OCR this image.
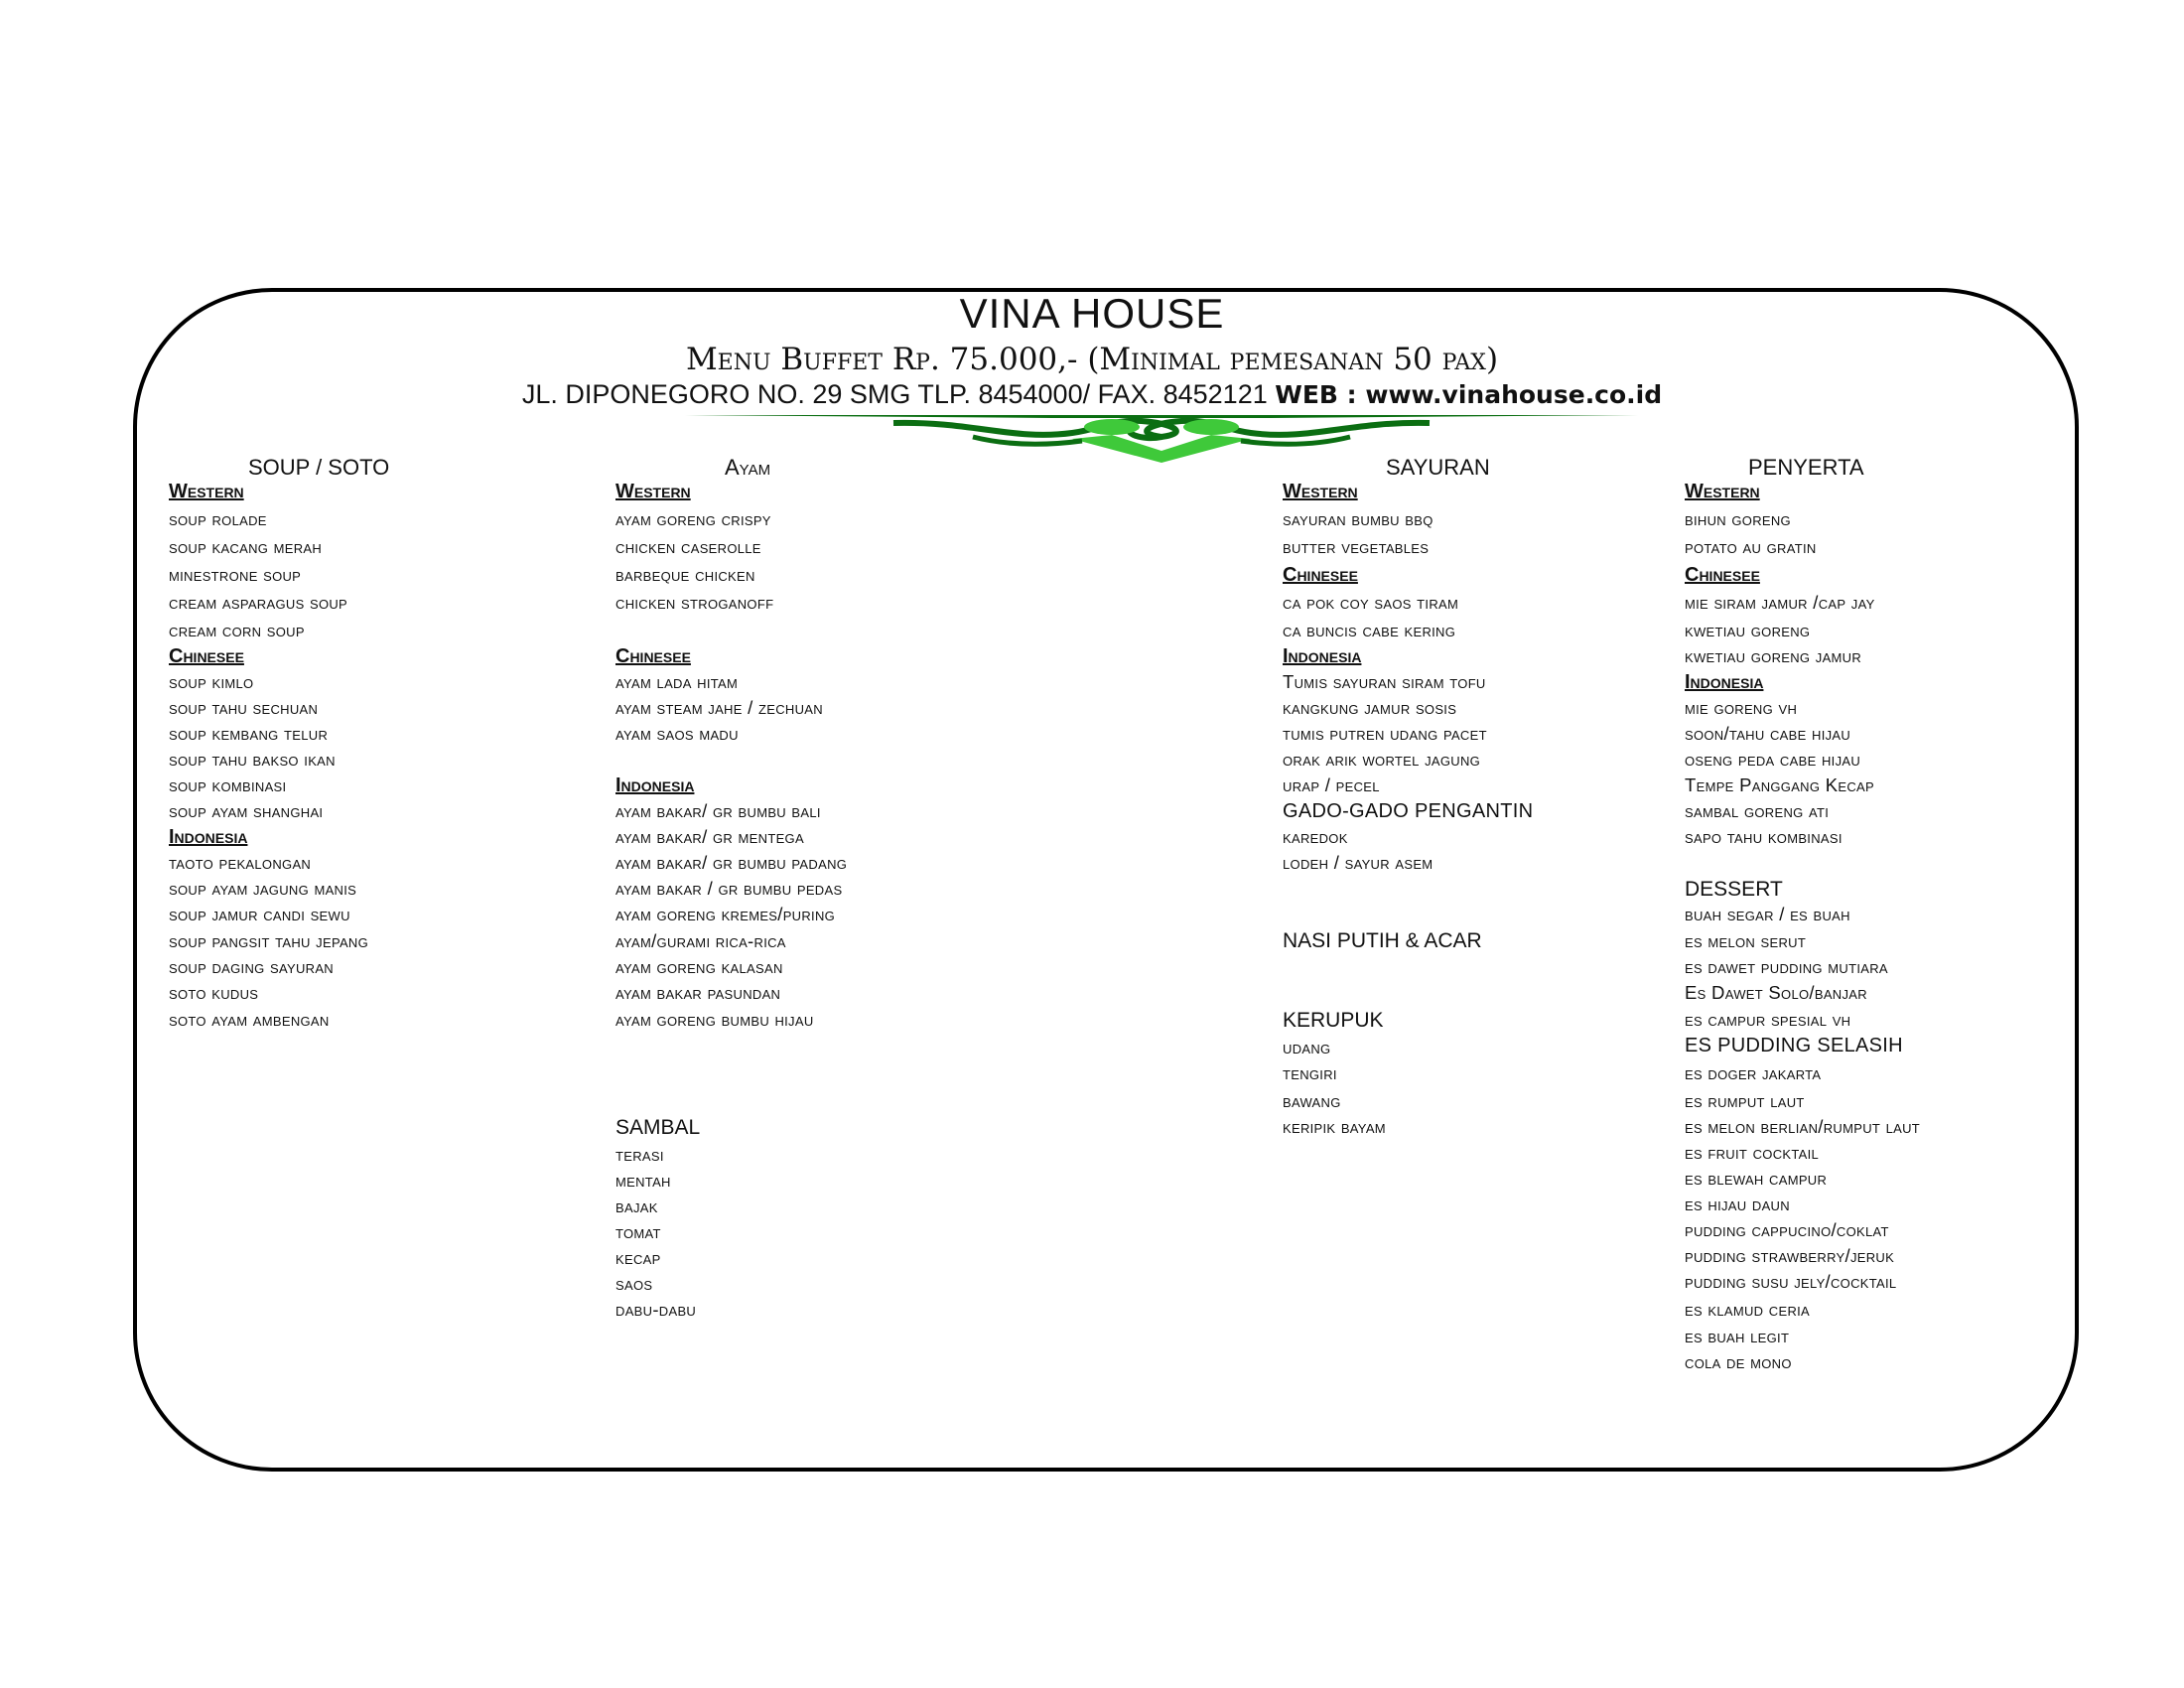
VINA HOUSE
Menu Buffet Rp. 75.000,- (Minimal pemesanan 50 pax)
JL. DIPONEGORO NO. 29 SMG TLP. 8454000/ FAX. 8452121 WEB : www.vinahouse.co.id
SOUP / SOTO
Western
soup rolade
soup kacang merah
minestrone soup
cream asparagus soup
cream corn soup
Chinesee
soup kimlo
soup tahu sechuan
soup kembang telur
soup tahu bakso ikan
soup kombinasi
soup ayam shanghai
Indonesia
taoto pekalongan
soup ayam jagung manis
soup jamur candi sewu
soup pangsit tahu jepang
soup daging sayuran
soto kudus
soto ayam ambengan
Ayam
Western
ayam goreng crispy
chicken caserolle
barbeque chicken
chicken stroganoff
Chinesee
ayam lada hitam
ayam steam jahe / zechuan
ayam saos madu
Indonesia
ayam bakar/ gr bumbu bali
ayam bakar/ gr mentega
ayam bakar/ gr bumbu padang
ayam bakar / gr bumbu pedas
ayam goreng kremes/puring
ayam/gurami rica-rica
ayam goreng kalasan
ayam bakar pasundan
ayam goreng bumbu hijau
SAMBAL
terasi
mentah
bajak
tomat
kecap
saos
dabu-dabu
SAYURAN
Western
sayuran bumbu bbq
butter vegetables
Chinesee
ca pok coy saos tiram
ca buncis cabe kering
Indonesia
Tumis sayuran siram tofu
kangkung jamur sosis
tumis putren udang pacet
orak arik wortel jagung
urap / pecel
GADO-GADO PENGANTIN
karedok
lodeh / sayur asem
NASI PUTIH & ACAR
KERUPUK
udang
tengiri
bawang
keripik bayam
PENYERTA
Western
bihun goreng
potato au gratin
Chinesee
mie siram jamur /cap jay
kwetiau goreng
kwetiau goreng jamur
Indonesia
mie goreng vh
soon/tahu cabe hijau
oseng peda cabe hijau
Tempe Panggang Kecap
sambal goreng ati
sapo tahu kombinasi
DESSERT
buah segar / es buah
es melon serut
es dawet pudding mutiara
Es Dawet Solo/banjar
es campur spesial vh
ES PUDDING SELASIH
es doger jakarta
es rumput laut
es melon berlian/rumput laut
es fruit cocktail
es blewah campur
es hijau daun
pudding cappucino/coklat
pudding strawberry/jeruk
pudding susu jely/cocktail
es klamud ceria
es buah legit
cola de mono
